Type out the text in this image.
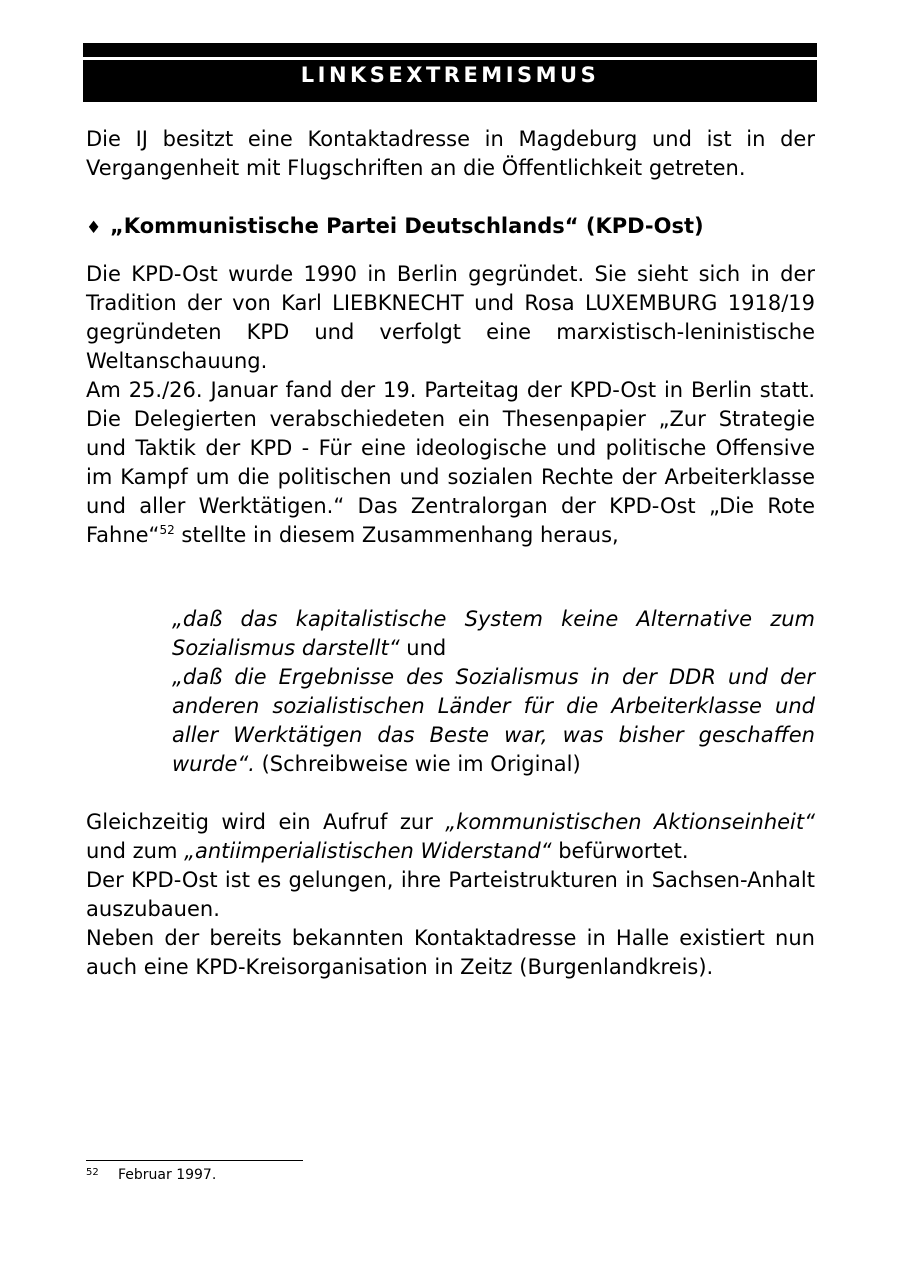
LINKSEXTREMISMUS

Die IJ besitzt eine Kontaktadresse in Magdeburg und ist in der Vergangenheit mit Flugschriften an die Öffentlichkeit getreten.

♦ „Kommunistische Partei Deutschlands“ (KPD-Ost)

Die KPD-Ost wurde 1990 in Berlin gegründet. Sie sieht sich in der Tradition der von Karl LIEBKNECHT und Rosa LUXEMBURG 1918/19 gegründeten KPD und verfolgt eine marxistisch-leninistische Weltanschauung.

Am 25./26. Januar fand der 19. Parteitag der KPD-Ost in Berlin statt. Die Delegierten verabschiedeten ein Thesenpapier „Zur Strategie und Taktik der KPD - Für eine ideologische und politische Offensive im Kampf um die politischen und sozialen Rechte der Arbeiterklasse und aller Werktätigen.“ Das Zentralorgan der KPD-Ost „Die Rote Fahne“$^{52}$ stellte in diesem Zusammenhang heraus,

„daß das kapitalistische System keine Alternative zum Sozialismus darstellt“ und

„daß die Ergebnisse des Sozialismus in der DDR und der anderen sozialistischen Länder für die Arbeiterklasse und aller Werktätigen das Beste war, was bisher geschaffen wurde“. (Schreibweise wie im Original)

Gleichzeitig wird ein Aufruf zur „kommunistischen Aktionseinheit“ und zum „antiimperialistischen Widerstand“ befürwortet.

Der KPD-Ost ist es gelungen, ihre Parteistrukturen in Sachsen-Anhalt auszubauen.

Neben der bereits bekannten Kontaktadresse in Halle existiert nun auch eine KPD-Kreisorganisation in Zeitz (Burgenlandkreis).

52 Februar 1997.
